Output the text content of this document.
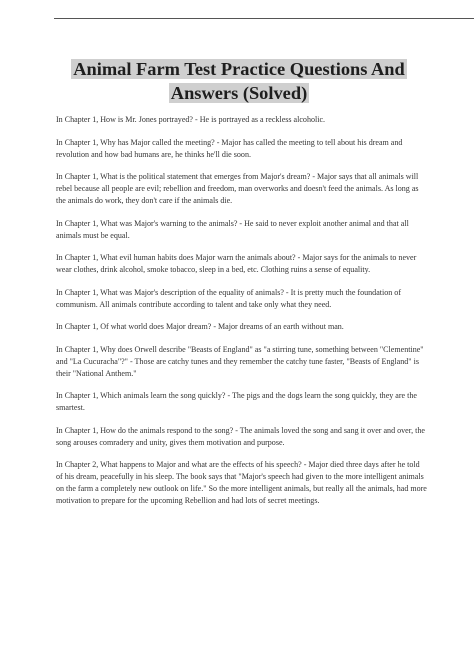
Animal Farm Test Practice Questions And Answers (Solved)

In Chapter 1, How is Mr. Jones portrayed? - He is portrayed as a reckless alcoholic.

In Chapter 1, Why has Major called the meeting? - Major has called the meeting to tell about his dream and revolution and how bad humans are, he thinks he'll die soon.

In Chapter 1, What is the political statement that emerges from Major's dream? - Major says that all animals will rebel because all people are evil; rebellion and freedom, man overworks and doesn't feed the animals. As long as the animals do work, they don't care if the animals die.

In Chapter 1, What was Major's warning to the animals? - He said to never exploit another animal and that all animals must be equal.

In Chapter 1, What evil human habits does Major warn the animals about? - Major says for the animals to never wear clothes, drink alcohol, smoke tobacco, sleep in a bed, etc. Clothing ruins a sense of equality.

In Chapter 1, What was Major's description of the equality of animals? - It is pretty much the foundation of communism. All animals contribute according to talent and take only what they need.

In Chapter 1, Of what world does Major dream? - Major dreams of an earth without man.

In Chapter 1, Why does Orwell describe "Beasts of England" as "a stirring tune, something between "Clementine" and "La Cucuracha"?" - Those are catchy tunes and they remember the catchy tune faster, "Beasts of England" is their "National Anthem."

In Chapter 1, Which animals learn the song quickly? - The pigs and the dogs learn the song quickly, they are the smartest.

In Chapter 1, How do the animals respond to the song? - The animals loved the song and sang it over and over, the song arouses comradery and unity, gives them motivation and purpose.

In Chapter 2, What happens to Major and what are the effects of his speech? - Major died three days after he told of his dream, peacefully in his sleep. The book says that "Major's speech had given to the more intelligent animals on the farm a completely new outlook on life." So the more intelligent animals, but really all the animals, had more motivation to prepare for the upcoming Rebellion and had lots of secret meetings.
